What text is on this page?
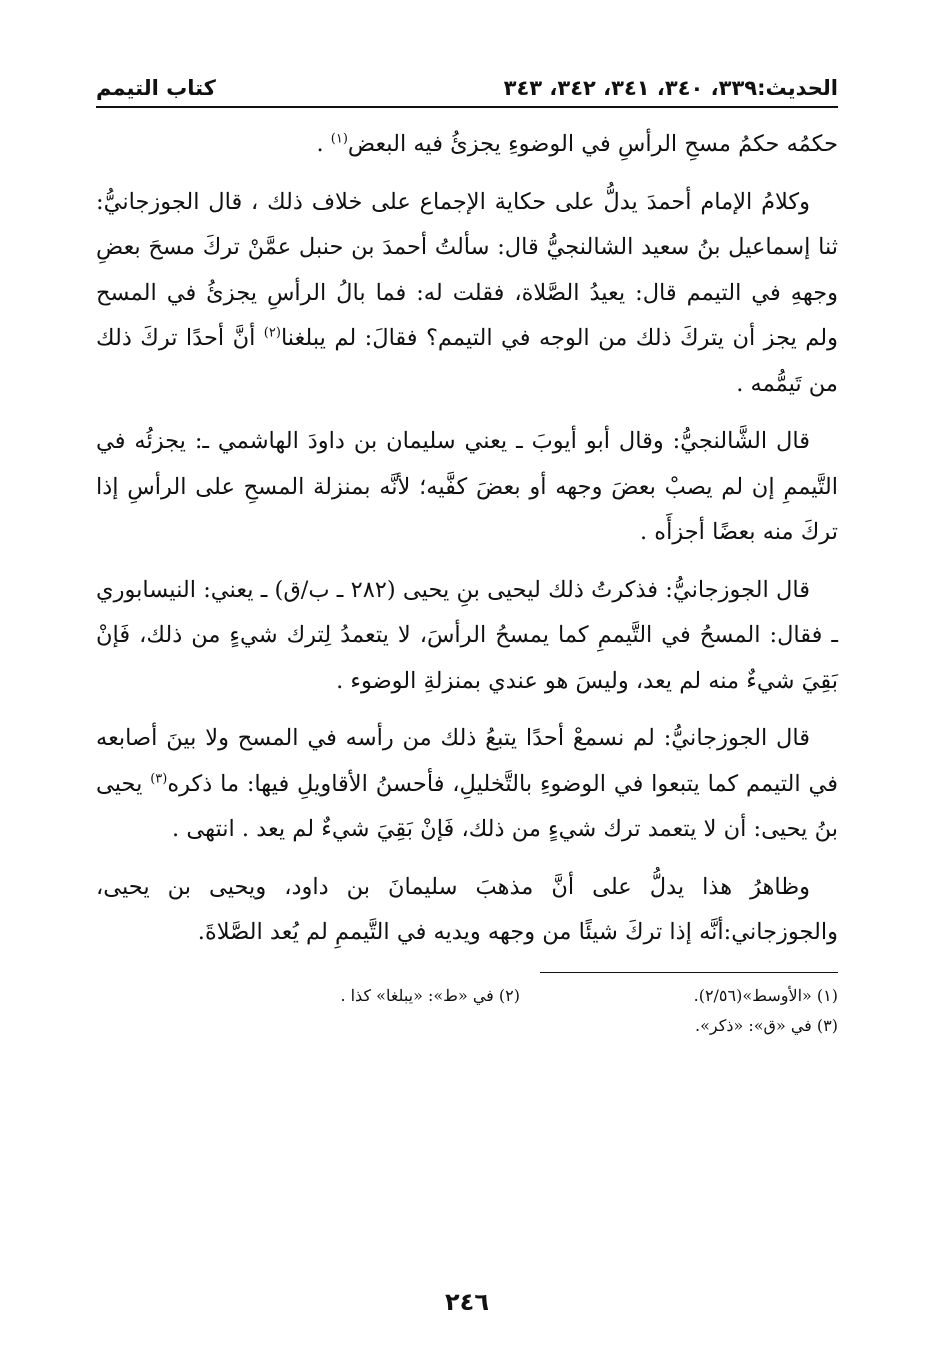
الحديث:٣٣٩، ٣٤٠، ٣٤١، ٣٤٢، ٣٤٣
كتاب التيمم

حكمُه حكمُ مسحِ الرأسِ في الوضوءِ يجزئُ فيه البعض$^{(١)}$ .

وكلامُ الإمام أحمدَ يدلُّ على حكاية الإجماع على خلاف ذلك ، قال الجوزجانيُّ: ثنا إسماعيل بنُ سعيد الشالنجيُّ قال: سألتُ أحمدَ بن حنبل عمَّنْ تركَ مسحَ بعضِ وجههِ في التيمم قال: يعيدُ الصَّلاة، فقلت له: فما بالُ الرأسِ يجزئُ في المسح ولم يجز أن يتركَ ذلك من الوجه في التيمم؟ فقالَ: لم يبلغنا$^{(٢)}$ أنَّ أحدًا تركَ ذلك من تَيمُّمه .

قال الشَّالنجيُّ: وقال أبو أيوبَ ـ يعني سليمان بن داودَ الهاشمي ـ: يجزئُه في التَّيممِ إن لم يصبْ بعضَ وجهه أو بعضَ كفَّيه؛ لأنَّه بمنزلة المسحِ على الرأسِ إذا تركَ منه بعضًا أجزأَه .

قال الجوزجانيُّ: فذكرتُ ذلك ليحيى بنِ يحيى (٢٨٢ ـ ب/ق) ـ يعني: النيسابوري ـ فقال: المسحُ في التَّيممِ كما يمسحُ الرأسَ، لا يتعمدُ لِترك شيءٍ من ذلك، فَإنْ بَقِيَ شيءٌ منه لم يعد، وليسَ هو عندي بمنزلةِ الوضوء .

قال الجوزجانيُّ: لم نسمعْ أحدًا يتبعُ ذلك من رأسه في المسح ولا بينَ أصابعه في التيمم كما يتبعوا في الوضوءِ بالتَّخليلِ، فأحسنُ الأقاويلِ فيها: ما ذكره$^{(٣)}$ يحيى بنُ يحيى: أن لا يتعمد ترك شيءٍ من ذلك، فَإنْ بَقِيَ شيءٌ لم يعد . انتهى .

وظاهرُ هذا يدلُّ على أنَّ مذهبَ سليمانَ بن داود، ويحيى بن يحيى، والجوزجاني:أنَّه إذا تركَ شيئًا من وجهه ويديه في التَّيممِ لم يُعد الصَّلاةَ.

(١) «الأوسط»(٢/٥٦).
(٢) في «ط»: «يبلغا» كذا .
(٣) في «ق»: «ذكر».
٢٤٦
